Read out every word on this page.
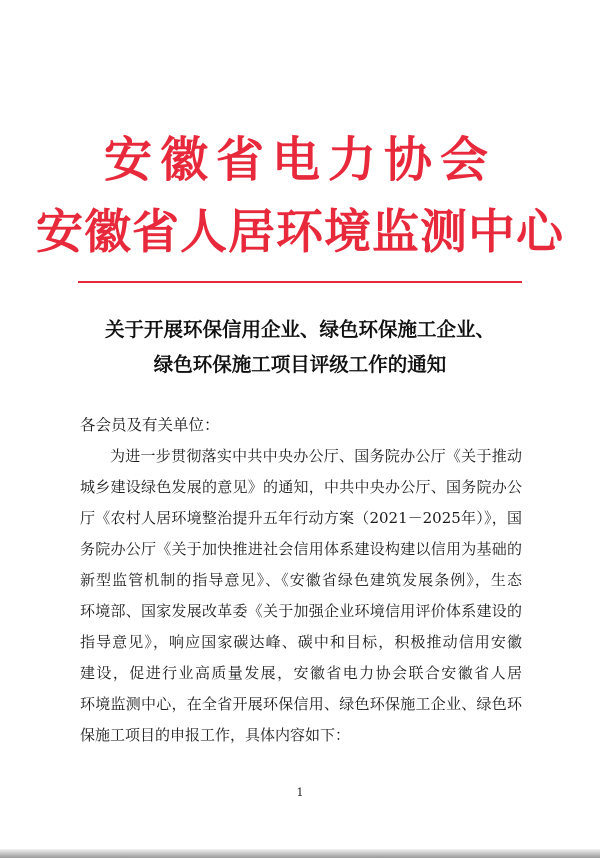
安徽省电力协会
安徽省人居环境监测中心
关于开展环保信用企业、绿色环保施工企业、
绿色环保施工项目评级工作的通知
各会员及有关单位：
为进一步贯彻落实中共中央办公厅、国务院办公厅《关于推动
城乡建设绿色发展的意见》的通知，中共中央办公厅、国务院办公
厅《农村人居环境整治提升五年行动方案（2021－2025年）》，国
务院办公厅《关于加快推进社会信用体系建设构建以信用为基础的
新型监管机制的指导意见》、《安徽省绿色建筑发展条例》，生态
环境部、国家发展改革委《关于加强企业环境信用评价体系建设的
指导意见》，响应国家碳达峰、碳中和目标，积极推动信用安徽
建设，促进行业高质量发展，安徽省电力协会联合安徽省人居
环境监测中心，在全省开展环保信用、绿色环保施工企业、绿色环
保施工项目的申报工作，具体内容如下：
1
